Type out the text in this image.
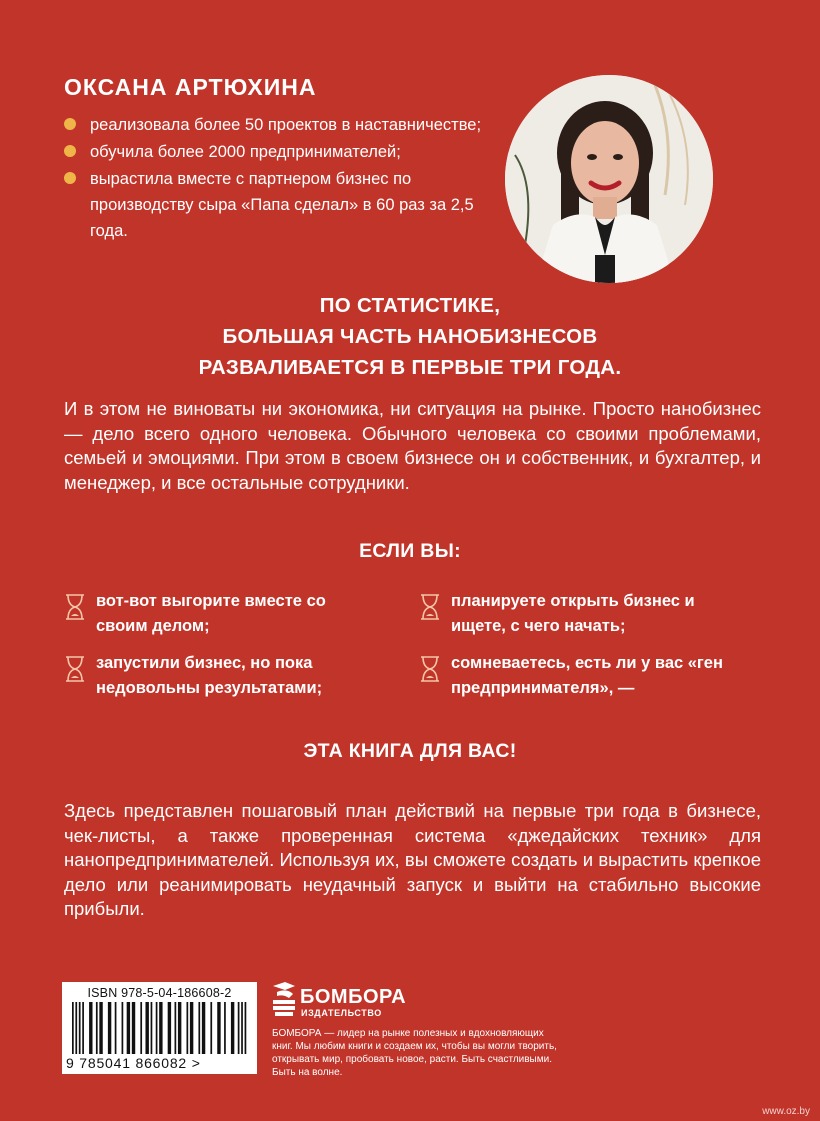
ОКСАНА АРТЮХИНА
реализовала более 50 проектов в наставничестве;
обучила более 2000 предпринимателей;
вырастила вместе с партнером бизнес по производству сыра «Папа сделал» в 60 раз за 2,5 года.
ПО СТАТИСТИКЕ,
БОЛЬШАЯ ЧАСТЬ НАНОБИЗНЕСОВ
РАЗВАЛИВАЕТСЯ В ПЕРВЫЕ ТРИ ГОДА.
И в этом не виноваты ни экономика, ни ситуация на рынке. Просто нанобизнес — дело всего одного человека. Обычного человека со своими проблемами, семьей и эмоциями. При этом в своем бизнесе он и собственник, и бухгалтер, и менеджер, и все остальные сотрудники.
ЕСЛИ ВЫ:
вот-вот выгорите вместе со своим делом;
планируете открыть бизнес и ищете, с чего начать;
запустили бизнес, но пока недовольны результатами;
сомневаетесь, есть ли у вас «ген предпринимателя», —
ЭТА КНИГА ДЛЯ ВАС!
Здесь представлен пошаговый план действий на первые три года в бизнесе, чек-листы, а также проверенная система «джедайских техник» для нанопредпринимателей. Используя их, вы сможете создать и вырастить крепкое дело или реанимировать неудачный запуск и выйти на стабильно высокие прибыли.
ISBN 978-5-04-186608-2
9 785041 866082 >
БОМБОРА
ИЗДАТЕЛЬСТВО
БОМБОРА — лидер на рынке полезных и вдохновляющих книг. Мы любим книги и создаем их, чтобы вы могли творить, открывать мир, пробовать новое, расти. Быть счастливыми. Быть на волне.
www.oz.by
